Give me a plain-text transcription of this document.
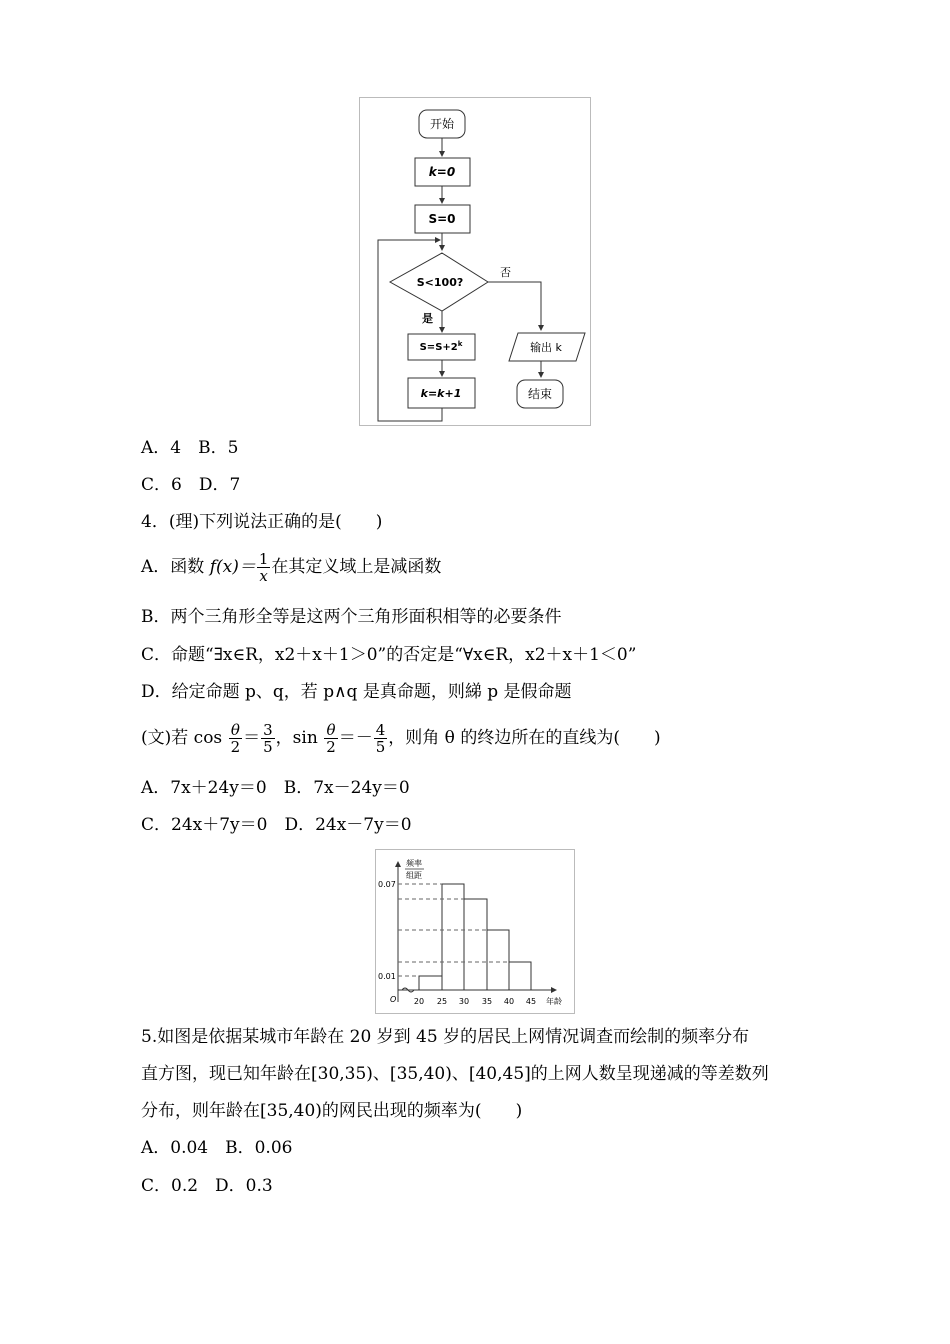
开始
k=0
S=0
S<100?
否
是
$S=S+2^k$
k=k+1
输出 k
结束
A．4　B．5
C．6　D．7
4．(理)下列说法正确的是(　　)
A．函数 $f(x)= \frac{1}{x}$ 在其定义域上是减函数
B．两个三角形全等是这两个三角形面积相等的必要条件
C．命题“∃x∈R，x2＋x＋1＞0”的否定是“∀x∈R，x2＋x＋1＜0”
D．给定命题 p、q，若 p∧q 是真命题，则綈 p 是假命题
(文)若 $\cos \frac{\theta}{2} = \frac{3}{5}$ ，$\sin \frac{\theta}{2} =- \frac{4}{5}$ ，则角 θ 的终边所在的直线为(　　)
A．7x＋24y＝0　B．7x－24y＝0
C．24x＋7y＝0　D．24x－7y＝0
频率
组距
0.07
0.01
O 20 25 30 35 40 45 年龄
5.如图是依据某城市年龄在 20 岁到 45 岁的居民上网情况调查而绘制的频率分布
直方图，现已知年龄在[30,35)、[35,40)、[40,45]的上网人数呈现递减的等差数列
分布，则年龄在[35,40)的网民出现的频率为(　　)
A．0.04　B．0.06
C．0.2　D．0.3
